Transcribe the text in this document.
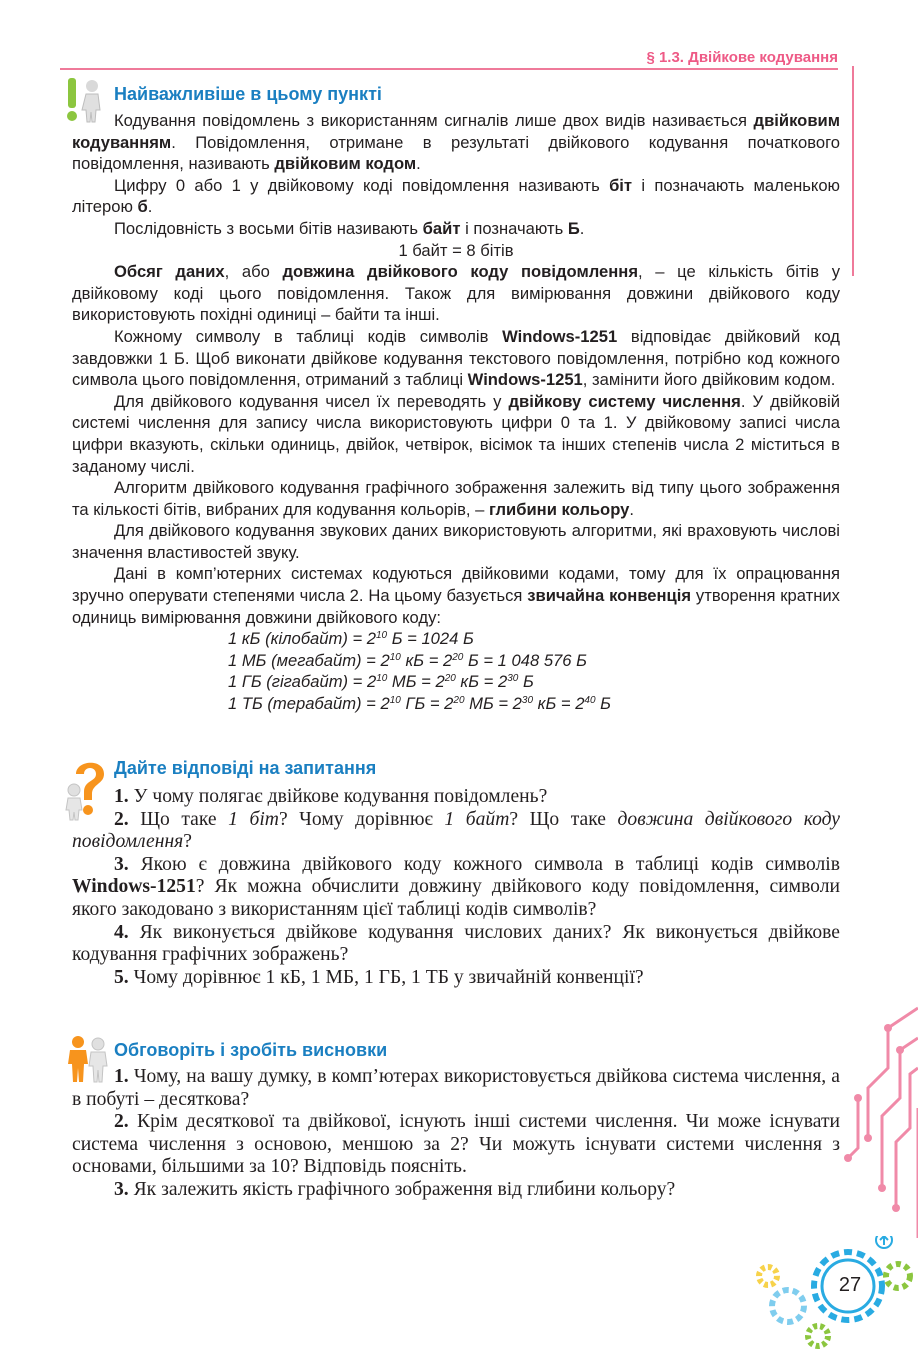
§ 1.3. Двійкове кодування
Найважливіше в цьому пункті

Кодування повідомлень з використанням сигналів лише двох видів називається двійковим кодуванням. Повідомлення, отримане в результаті двійкового кодування початкового повідомлення, називають двійковим кодом.

Цифру 0 або 1 у двійковому коді повідомлення називають біт і позначають маленькою літерою б.

Послідовність з восьми бітів називають байт і позначають Б.

1 байт = 8 бітів

Обсяг даних, або довжина двійкового коду повідомлення, – це кількість бітів у двійковому коді цього повідомлення. Також для вимірювання довжини двійкового коду використовують похідні одиниці – байти та інші.

Кожному символу в таблиці кодів символів Windows-1251 відповідає двійковий код завдовжки 1 Б. Щоб виконати двійкове кодування текстового повідомлення, потрібно код кожного символа цього повідомлення, отриманий з таблиці Windows-1251, замінити його двійковим кодом.

Для двійкового кодування чисел їх переводять у двійкову систему числення. У двійковій системі числення для запису числа використовують цифри 0 та 1. У двійковому записі числа цифри вказують, скільки одиниць, двійок, четвірок, вісімок та інших степенів числа 2 міститься в заданому числі.

Алгоритм двійкового кодування графічного зображення залежить від типу цього зображення та кількості бітів, вибраних для кодування кольорів, – глибини кольору.

Для двійкового кодування звукових даних використовують алгоритми, які враховують числові значення властивостей звуку.

Дані в комп’ютерних системах кодуються двійковими кодами, тому для їх опрацювання зручно оперувати степенями числа 2. На цьому базується звичайна конвенція утворення кратних одиниць вимірювання довжини двійкового коду:

1 кБ (кілобайт) = $2^{10}$ Б = 1024 Б
1 МБ (мегабайт) = $2^{10}$ кБ = $2^{20}$ Б = 1 048 576 Б
1 ГБ (гігабайт) = $2^{10}$ МБ = $2^{20}$ кБ = $2^{30}$ Б
1 ТБ (терабайт) = $2^{10}$ ГБ = $2^{20}$ МБ = $2^{30}$ кБ = $2^{40}$ Б
Дайте відповіді на запитання

1. У чому полягає двійкове кодування повідомлень?

2. Що таке 1 біт? Чому дорівнює 1 байт? Що таке довжина двійкового коду повідомлення?

3. Якою є довжина двійкового коду кожного символа в таблиці кодів символів Windows-1251? Як можна обчислити довжину двійкового коду повідомлення, символи якого закодовано з використанням цієї таблиці кодів символів?

4. Як виконується двійкове кодування числових даних? Як виконується двійкове кодування графічних зображень?

5. Чому дорівнює 1 кБ, 1 МБ, 1 ГБ, 1 ТБ у звичайній конвенції?

Обговоріть і зробіть висновки

1. Чому, на вашу думку, в комп’ютерах використовується двійкова система числення, а в побуті – десяткова?

2. Крім десяткової та двійкової, існують інші системи числення. Чи може існувати система числення з основою, меншою за 2? Чи можуть існувати системи числення з основами, більшими за 10? Відповідь поясніть.

3. Як залежить якість графічного зображення від глибини кольору?

27
